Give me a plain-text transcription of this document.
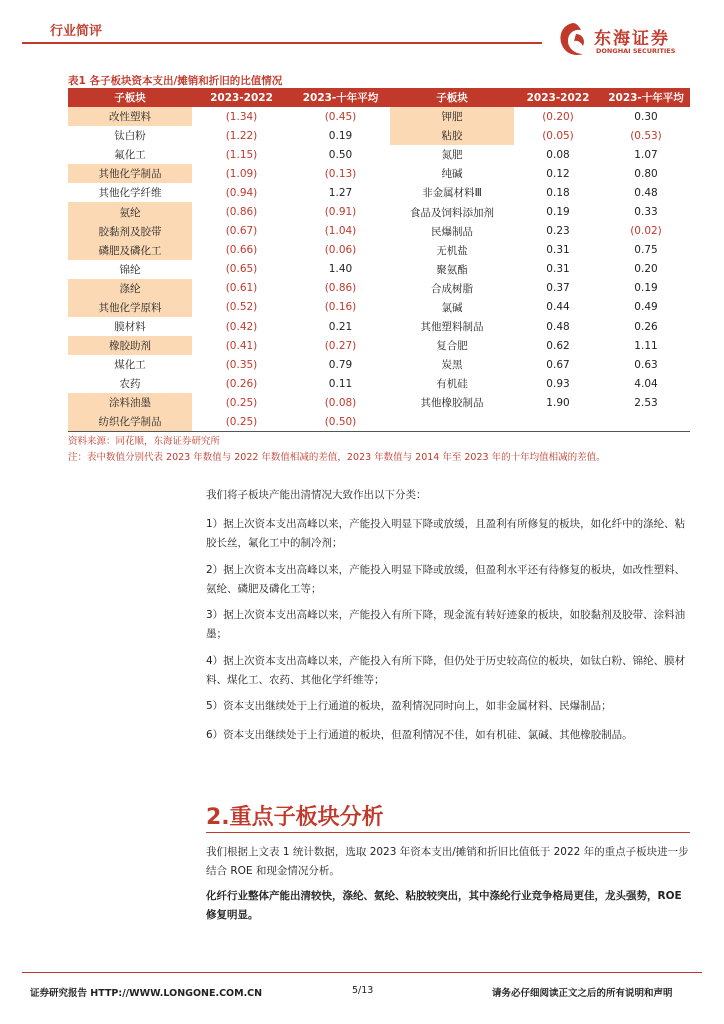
行业简评	东海证券
DONGHAI SECURITIES
表1 各子板块资本支出/摊销和折旧的比值情况
子板块	2023-2022	2023-十年平均	子板块	2023-2022	2023-十年平均
改性塑料	(1.34)	(0.45)	钾肥	(0.20)	0.30
钛白粉	(1.22)	0.19	粘胶	(0.05)	(0.53)
氟化工	(1.15)	0.50	氮肥	0.08	1.07
其他化学制品	(1.09)	(0.13)	纯碱	0.12	0.80
其他化学纤维	(0.94)	1.27	非金属材料Ⅲ	0.18	0.48
氨纶	(0.86)	(0.91)	食品及饲料添加剂	0.19	0.33
胶黏剂及胶带	(0.67)	(1.04)	民爆制品	0.23	(0.02)
磷肥及磷化工	(0.66)	(0.06)	无机盐	0.31	0.75
锦纶	(0.65)	1.40	聚氨酯	0.31	0.20
涤纶	(0.61)	(0.86)	合成树脂	0.37	0.19
其他化学原料	(0.52)	(0.16)	氯碱	0.44	0.49
膜材料	(0.42)	0.21	其他塑料制品	0.48	0.26
橡胶助剂	(0.41)	(0.27)	复合肥	0.62	1.11
煤化工	(0.35)	0.79	炭黑	0.67	0.63
农药	(0.26)	0.11	有机硅	0.93	4.04
涂料油墨	(0.25)	(0.08)	其他橡胶制品	1.90	2.53
纺织化学制品	(0.25)	(0.50)			
资料来源：同花顺，东海证券研究所
注：表中数值分别代表 2023 年数值与 2022 年数值相减的差值，2023 年数值与 2014 年至 2023 年的十年均值相减的差值。
我们将子板块产能出清情况大致作出以下分类：
1）据上次资本支出高峰以来，产能投入明显下降或放缓，且盈利有所修复的板块，如化纤中的涤纶、粘胶长丝，氟化工中的制冷剂；
2）据上次资本支出高峰以来，产能投入明显下降或放缓，但盈利水平还有待修复的板块，如改性塑料、氨纶、磷肥及磷化工等；
3）据上次资本支出高峰以来，产能投入有所下降，现金流有转好迹象的板块，如胶黏剂及胶带、涂料油墨；
4）据上次资本支出高峰以来，产能投入有所下降，但仍处于历史较高位的板块，如钛白粉、锦纶、膜材料、煤化工、农药、其他化学纤维等；
5）资本支出继续处于上行通道的板块，盈利情况同时向上，如非金属材料、民爆制品；
6）资本支出继续处于上行通道的板块，但盈利情况不佳，如有机硅、氯碱、其他橡胶制品。
2.重点子板块分析
我们根据上文表 1 统计数据，选取 2023 年资本支出/摊销和折旧比值低于 2022 年的重点子板块进一步结合 ROE 和现金情况分析。
化纤行业整体产能出清较快，涤纶、氨纶、粘胶较突出，其中涤纶行业竞争格局更佳，龙头强势，ROE 修复明显。
证券研究报告 HTTP://WWW.LONGONE.COM.CN	5/13	请务必仔细阅读正文之后的所有说明和声明
